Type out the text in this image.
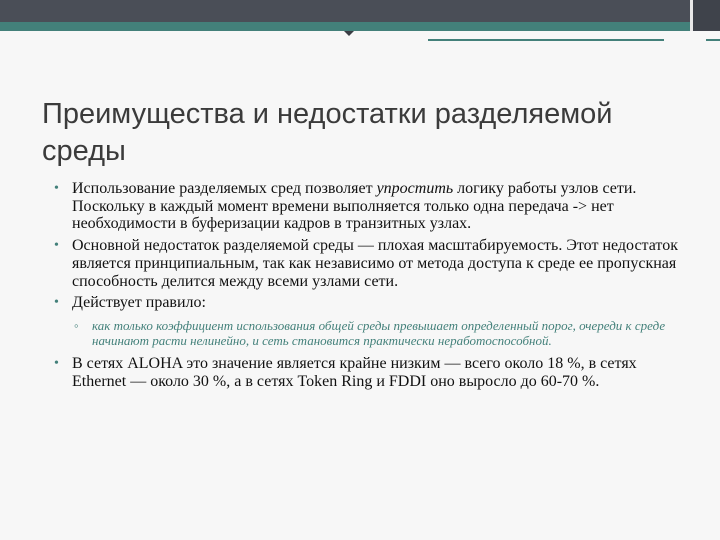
Преимущества и недостатки разделяемой среды
• Использование разделяемых сред позволяет упростить логику работы узлов сети. Поскольку в каждый момент времени выполняется только одна передача -> нет необходимости в буферизации кадров в транзитных узлах.
• Основной недостаток разделяемой среды — плохая масштабируемость. Этот недостаток является принципиальным, так как независимо от метода доступа к среде ее пропускная способность делится между всеми узлами сети.
• Действует правило:
◦ как только коэффициент использования общей среды превышает определенный порог, очереди к среде начинают расти нелинейно, и сеть становится практически неработоспособной.
• В сетях ALOHA это значение является крайне низким — всего около 18 %, в сетях Ethernet — около 30 %, а в сетях Token Ring и FDDI оно выросло до 60-70 %.
